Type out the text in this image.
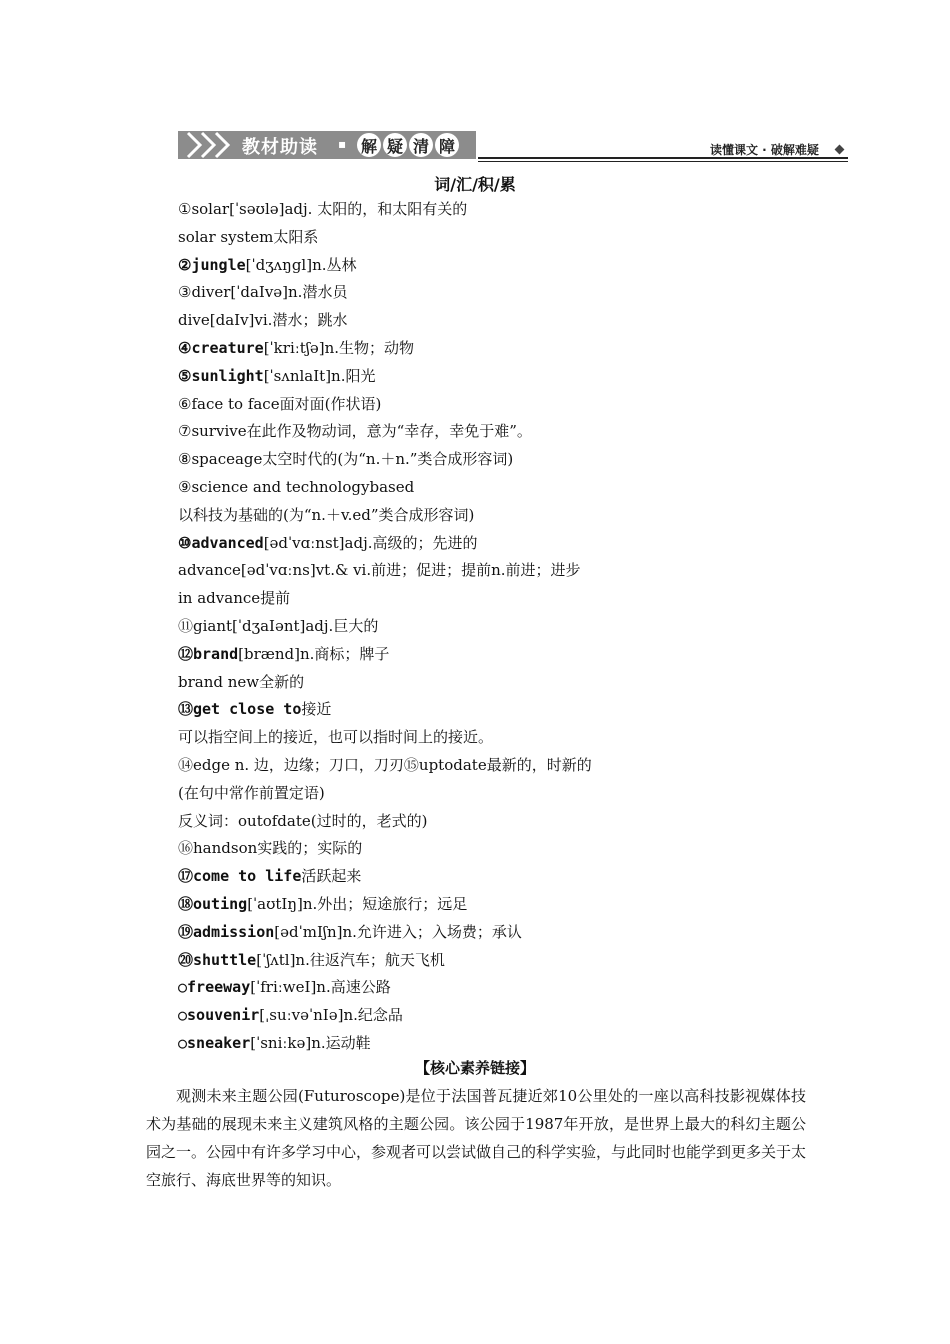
教材助读 ▪ 解 疑 清 障	读懂课文 · 破解难疑
词/汇/积/累
①solar[ˈsəʊlə]adj. 太阳的，和太阳有关的
solar system太阳系
②jungle[ˈdʒʌŋgl]n.丛林
③diver[ˈdaIvə]n.潜水员
dive[daIv]vi.潜水；跳水
④creature[ˈkriːtʃə]n.生物；动物
⑤sunlight[ˈsʌnlaIt]n.阳光
⑥face to face面对面(作状语)
⑦survive在此作及物动词，意为“幸存，幸免于难”。
⑧spaceage太空时代的(为“n.＋n.”类合成形容词)
⑨science and technologybased
以科技为基础的(为“n.＋v.ed”类合成形容词)
⑩advanced[ədˈvɑːnst]adj.高级的；先进的
advance[ədˈvɑːns]vt.& vi.前进；促进；提前n.前进；进步
in advance提前
⑪giant[ˈdʒaIənt]adj.巨大的
⑫brand[brænd]n.商标；牌子
brand new全新的
⑬get close to接近
可以指空间上的接近，也可以指时间上的接近。
⑭edge n. 边，边缘；刀口，刀刃⑮uptodate最新的，时新的
(在句中常作前置定语)
反义词：outofdate(过时的，老式的)
⑯handson实践的；实际的
⑰come to life活跃起来
⑱outing[ˈaʊtIŋ]n.外出；短途旅行；远足
⑲admission[ədˈmIʃn]n.允许进入；入场费；承认
⑳shuttle[ˈʃʌtl]n.往返汽车；航天飞机
○freeway[ˈfriːweI]n.高速公路
○souvenir[ˌsuːvəˈnIə]n.纪念品
○sneaker[ˈsniːkə]n.运动鞋
【核心素养链接】

观测未来主题公园(Futuroscope)是位于法国普瓦捷近郊10公里处的一座以高科技影视媒体技术为基础的展现未来主义建筑风格的主题公园。该公园于1987年开放，是世界上最大的科幻主题公园之一。公园中有许多学习中心，参观者可以尝试做自己的科学实验，与此同时也能学到更多关于太空旅行、海底世界等的知识。
